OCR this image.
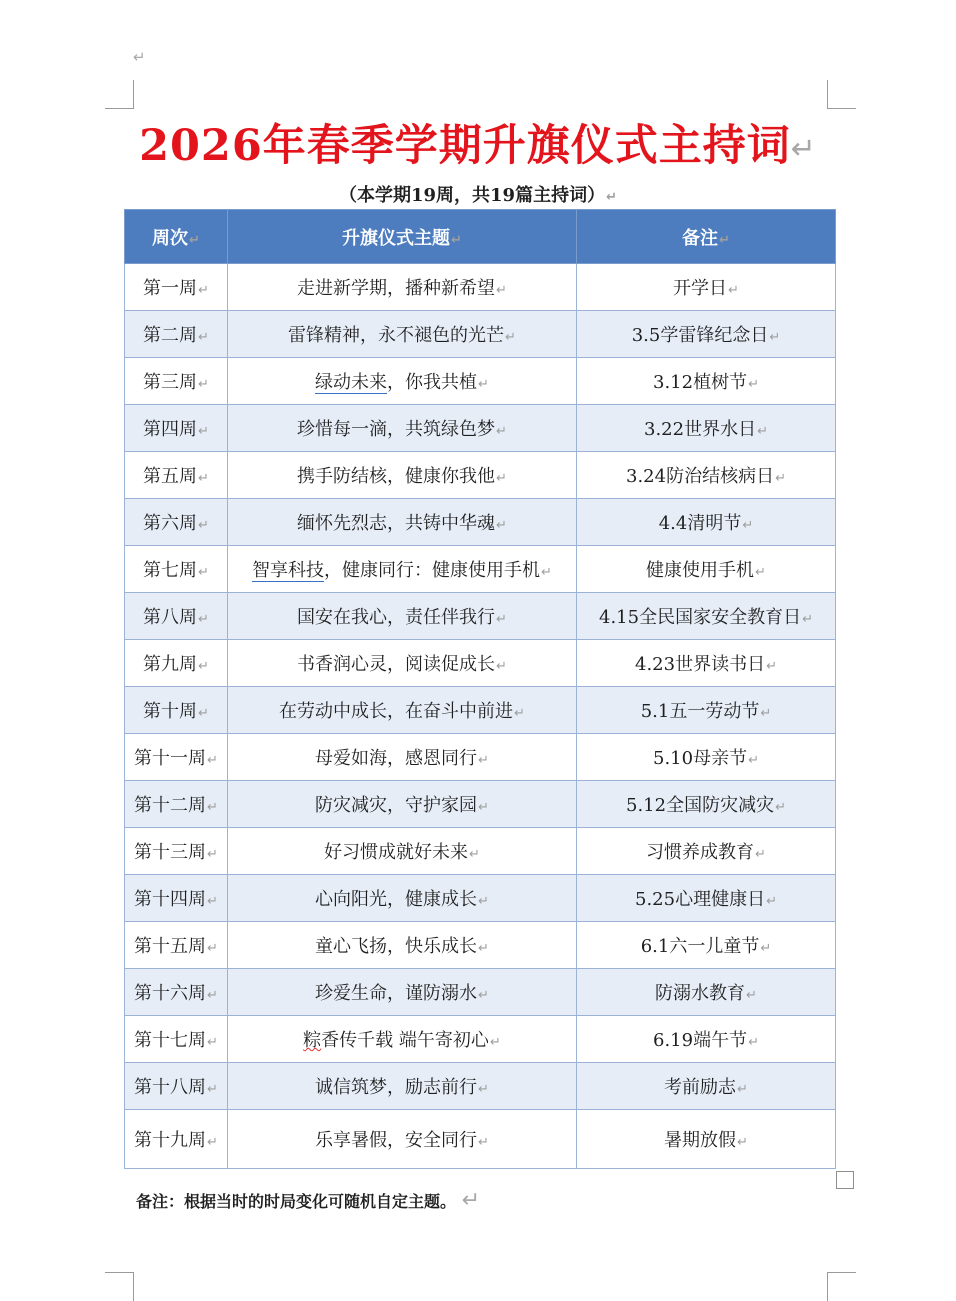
↵
2026年春季学期升旗仪式主持词↵
（本学期19周，共19篇主持词）↵
周次↵	升旗仪式主题↵	备注↵
第一周↵	走进新学期，播种新希望↵	开学日↵
第二周↵	雷锋精神，永不褪色的光芒↵	3.5学雷锋纪念日↵
第三周↵	绿动未来，你我共植↵	3.12植树节↵
第四周↵	珍惜每一滴，共筑绿色梦↵	3.22世界水日↵
第五周↵	携手防结核，健康你我他↵	3.24防治结核病日↵
第六周↵	缅怀先烈志，共铸中华魂↵	4.4清明节↵
第七周↵	智享科技，健康同行：健康使用手机↵	健康使用手机↵
第八周↵	国安在我心，责任伴我行↵	4.15全民国家安全教育日↵
第九周↵	书香润心灵，阅读促成长↵	4.23世界读书日↵
第十周↵	在劳动中成长，在奋斗中前进↵	5.1五一劳动节↵
第十一周↵	母爱如海，感恩同行↵	5.10母亲节↵
第十二周↵	防灾减灾，守护家园↵	5.12全国防灾减灾↵
第十三周↵	好习惯成就好未来↵	习惯养成教育↵
第十四周↵	心向阳光，健康成长↵	5.25心理健康日↵
第十五周↵	童心飞扬，快乐成长↵	6.1六一儿童节↵
第十六周↵	珍爱生命，谨防溺水↵	防溺水教育↵
第十七周↵	粽香传千载 端午寄初心↵	6.19端午节↵
第十八周↵	诚信筑梦，励志前行↵	考前励志↵
第十九周↵	乐享暑假，安全同行↵	暑期放假↵
备注：根据当时的时局变化可随机自定主题。 ↵
